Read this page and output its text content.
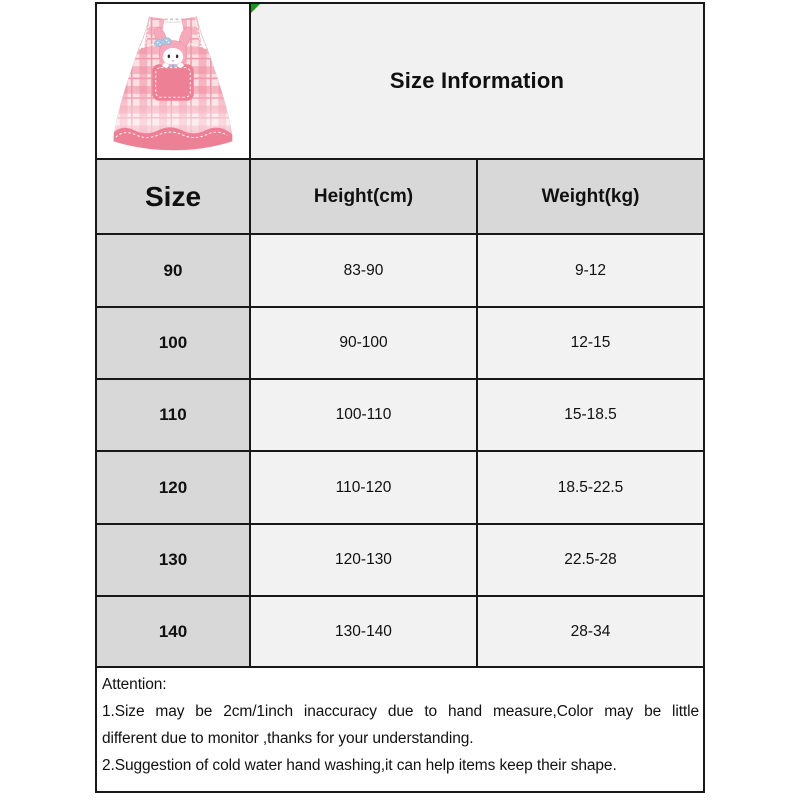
Size Information
Size	Height(cm)	Weight(kg)
90	83-90	9-12
100	90-100	12-15
110	100-110	15-18.5
120	110-120	18.5-22.5
130	120-130	22.5-28
140	130-140	28-34
Attention:
1.Size may be 2cm/1inch inaccuracy due to hand measure,Color may be little
different due to monitor ,thanks for your understanding.
2.Suggestion of cold water hand washing,it can help items keep their shape.
